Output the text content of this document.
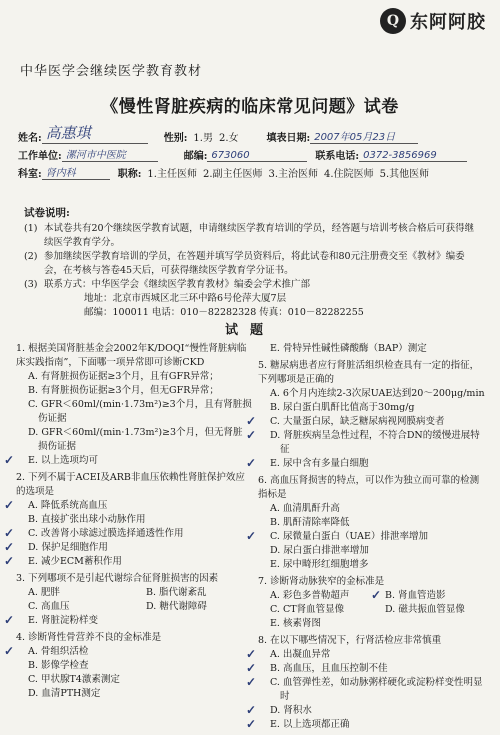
Q 东阿阿胶
中华医学会继续医学教育教材
《慢性肾脏疾病的临床常见问题》试卷
姓名: 高惠琪	性别: 1.男 2.女	填表日期: 2007年05月23日
工作单位: 漯河市中医院	邮编: 673060	联系电话: 0372-3856969
科室: 肾内科	职称: 1.主任医师 2.副主任医师 3.主治医师 4.住院医师 5.其他医师
试卷说明:
(1) 本试卷共有20个继续医学教育试题，申请继续医学教育培训的学员，经答题与培训考核合格后可获得继续医学教育学分。
(2) 参加继续医学教育培训的学员，在答题并填写学员资料后，将此试卷和80元注册费交至《教材》编委会，在考核与答卷45天后，可获得继续医学教育学分证书。
(3) 联系方式：中华医学会《继续医学教育教材》编委会学术推广部
地址：北京市西城区北三环中路6号伦萍大厦7层
邮编：100011 电话：010－82282328 传真：010－82282255
试题
1. 根据美国肾脏基金会2002年K/DOQI“慢性肾脏病临床实践指南”，下面哪一项异常即可诊断CKD
A. 有肾脏损伤证据≥3个月，且有GFR异常；
B. 有肾脏损伤证据≥3个月，但无GFR异常；
C. GFR＜60ml/(min·1.73m²)≥3个月，且有肾脏损伤证据
D. GFR＜60ml/(min·1.73m²)≥3个月，但无肾脏损伤证据
✓ E. 以上选项均可
2. 下列不属于ACEI及ARB非血压依赖性肾脏保护效应的选项是
✓ A. 降低系统高血压
B. 直接扩张出球小动脉作用
✓ C. 改善肾小球滤过膜选择通透性作用
✓ D. 保护足细胞作用
✓ E. 减少ECM蓄积作用
3. 下列哪项不是引起代谢综合征肾脏损害的因素
A. 肥胖	B. 脂代谢紊乱
C. 高血压	D. 糖代谢障碍
✓ E. 肾脏淀粉样变
4. 诊断肾性骨营养不良的金标准是
✓ A. 骨组织活检
B. 影像学检查
C. 甲状腺T4激素测定
D. 血清PTH测定
E. 骨特异性碱性磷酸酶（BAP）测定
5. 糖尿病患者应行肾脏活组织检查具有一定的指征，下列哪项是正确的
A. 6个月内连续2-3次尿UAE达到20～200μg/min
B. 尿白蛋白肌酐比值高于30mg/g
✓ C. 大量蛋白尿，缺乏糖尿病视网膜病变者
✓ D. 肾脏疾病呈急性过程，不符合DN的缓慢进展特征
✓ E. 尿中含有多量白细胞
6. 高血压肾损害的特点，可以作为独立而可靠的检测指标是
A. 血清肌酐升高
B. 肌酐清除率降低
✓ C. 尿微量白蛋白（UAE）排泄率增加
D. 尿白蛋白排泄率增加
E. 尿中畸形红细胞增多
7. 诊断肾动脉狭窄的金标准是
A. 彩色多普勒超声
✓	B. 肾血管造影
C. CT肾血管显像	D. 磁共振血管显像
E. 核素肾图
8. 在以下哪些情况下，行肾活检应非常慎重
✓ A. 出凝血异常
✓ B. 高血压，且血压控制不佳
✓ C. 血管弹性差，如动脉粥样硬化或淀粉样变性明显时
✓ D. 肾积水
✓ E. 以上选项都正确
